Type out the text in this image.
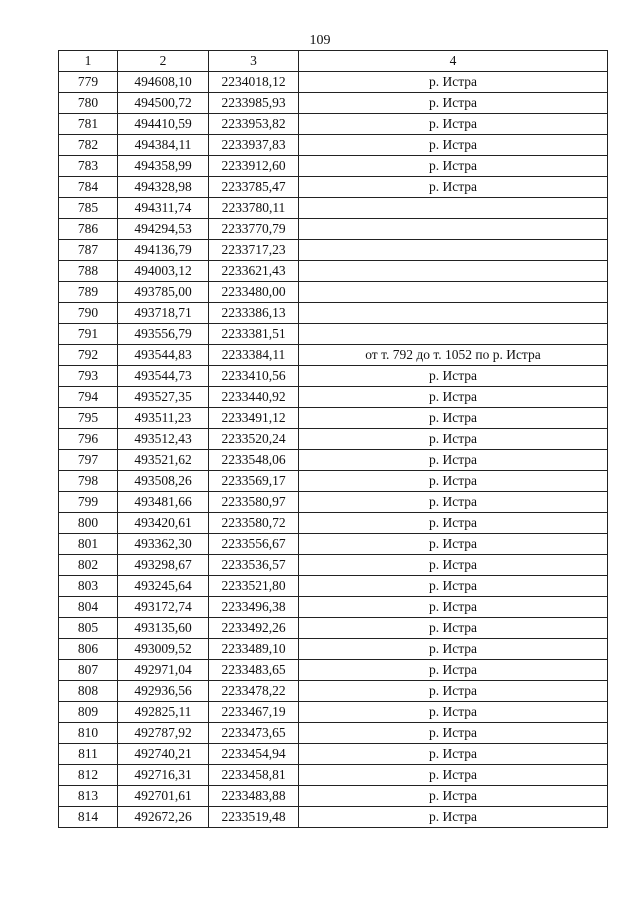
109
1	2	3	4
779	494608,10	2234018,12	р. Истра
780	494500,72	2233985,93	р. Истра
781	494410,59	2233953,82	р. Истра
782	494384,11	2233937,83	р. Истра
783	494358,99	2233912,60	р. Истра
784	494328,98	2233785,47	р. Истра
785	494311,74	2233780,11	
786	494294,53	2233770,79	
787	494136,79	2233717,23	
788	494003,12	2233621,43	
789	493785,00	2233480,00	
790	493718,71	2233386,13	
791	493556,79	2233381,51	
792	493544,83	2233384,11	от т. 792 до т. 1052 по р. Истра
793	493544,73	2233410,56	р. Истра
794	493527,35	2233440,92	р. Истра
795	493511,23	2233491,12	р. Истра
796	493512,43	2233520,24	р. Истра
797	493521,62	2233548,06	р. Истра
798	493508,26	2233569,17	р. Истра
799	493481,66	2233580,97	р. Истра
800	493420,61	2233580,72	р. Истра
801	493362,30	2233556,67	р. Истра
802	493298,67	2233536,57	р. Истра
803	493245,64	2233521,80	р. Истра
804	493172,74	2233496,38	р. Истра
805	493135,60	2233492,26	р. Истра
806	493009,52	2233489,10	р. Истра
807	492971,04	2233483,65	р. Истра
808	492936,56	2233478,22	р. Истра
809	492825,11	2233467,19	р. Истра
810	492787,92	2233473,65	р. Истра
811	492740,21	2233454,94	р. Истра
812	492716,31	2233458,81	р. Истра
813	492701,61	2233483,88	р. Истра
814	492672,26	2233519,48	р. Истра
